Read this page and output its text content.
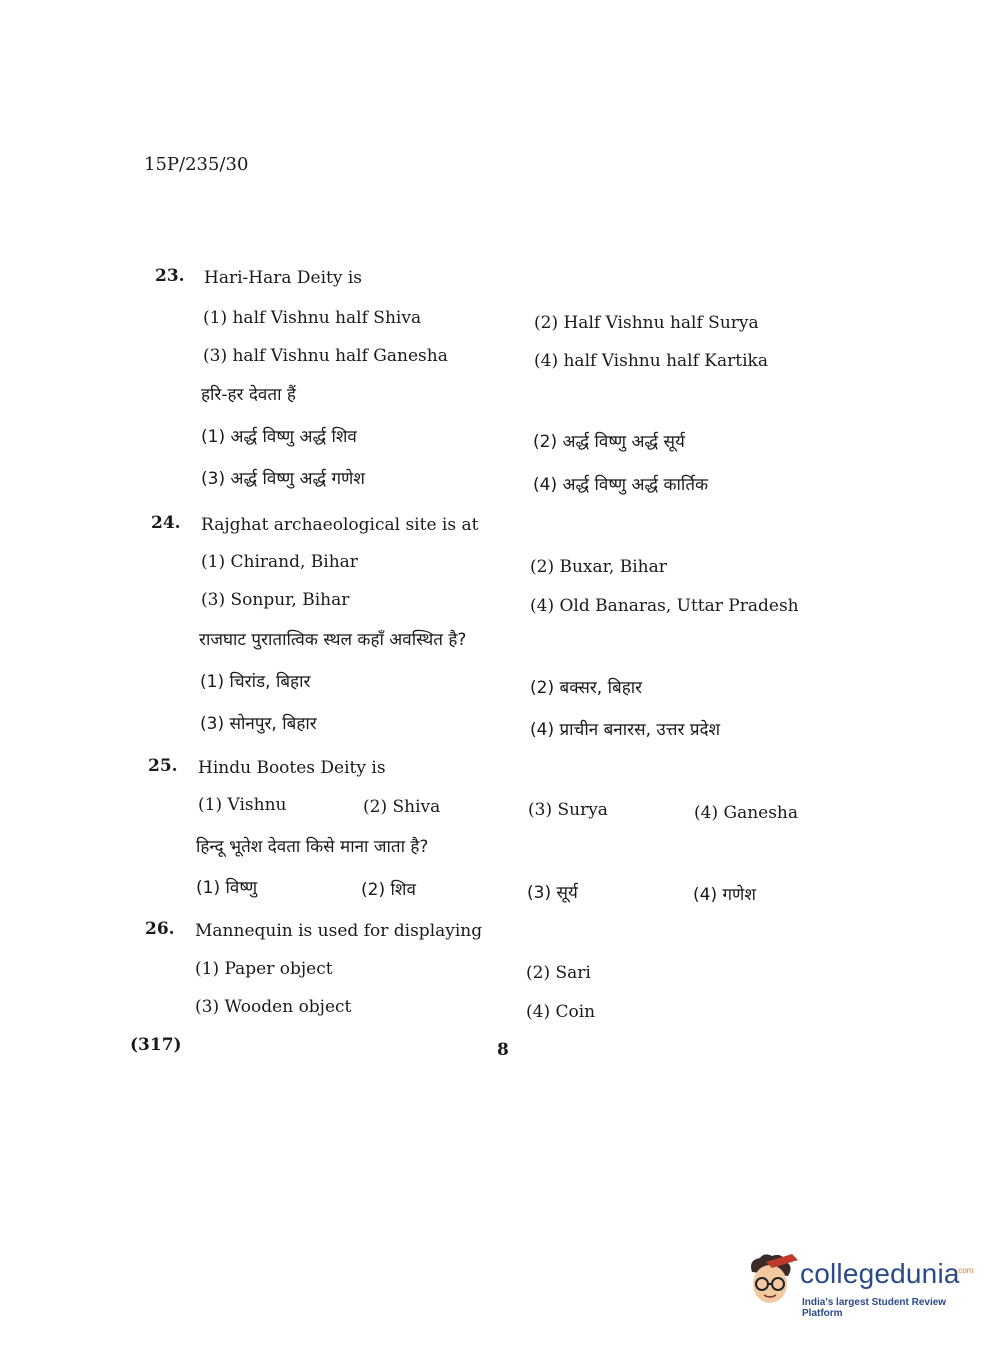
15P/235/30
23. Hari-Hara Deity is
(1) half Vishnu half Shiva	(2) Half Vishnu half Surya
(3) half Vishnu half Ganesha	(4) half Vishnu half Kartika
हरि-हर देवता हैं
(1) अर्द्ध विष्णु अर्द्ध शिव	(2) अर्द्ध विष्णु अर्द्ध सूर्य
(3) अर्द्ध विष्णु अर्द्ध गणेश	(4) अर्द्ध विष्णु अर्द्ध कार्तिक
24. Rajghat archaeological site is at
(1) Chirand, Bihar	(2) Buxar, Bihar
(3) Sonpur, Bihar	(4) Old Banaras, Uttar Pradesh
राजघाट पुरातात्विक स्थल कहाँ अवस्थित है?
(1) चिरांड, बिहार	(2) बक्सर, बिहार
(3) सोनपुर, बिहार	(4) प्राचीन बनारस, उत्तर प्रदेश
25. Hindu Bootes Deity is
(1) Vishnu	(2) Shiva	(3) Surya	(4) Ganesha
हिन्दू भूतेश देवता किसे माना जाता है?
(1) विष्णु	(2) शिव	(3) सूर्य	(4) गणेश
26. Mannequin is used for displaying
(1) Paper object	(2) Sari
(3) Wooden object	(4) Coin
(317)	8
collegedunia
.com
India's largest Student Review Platform
